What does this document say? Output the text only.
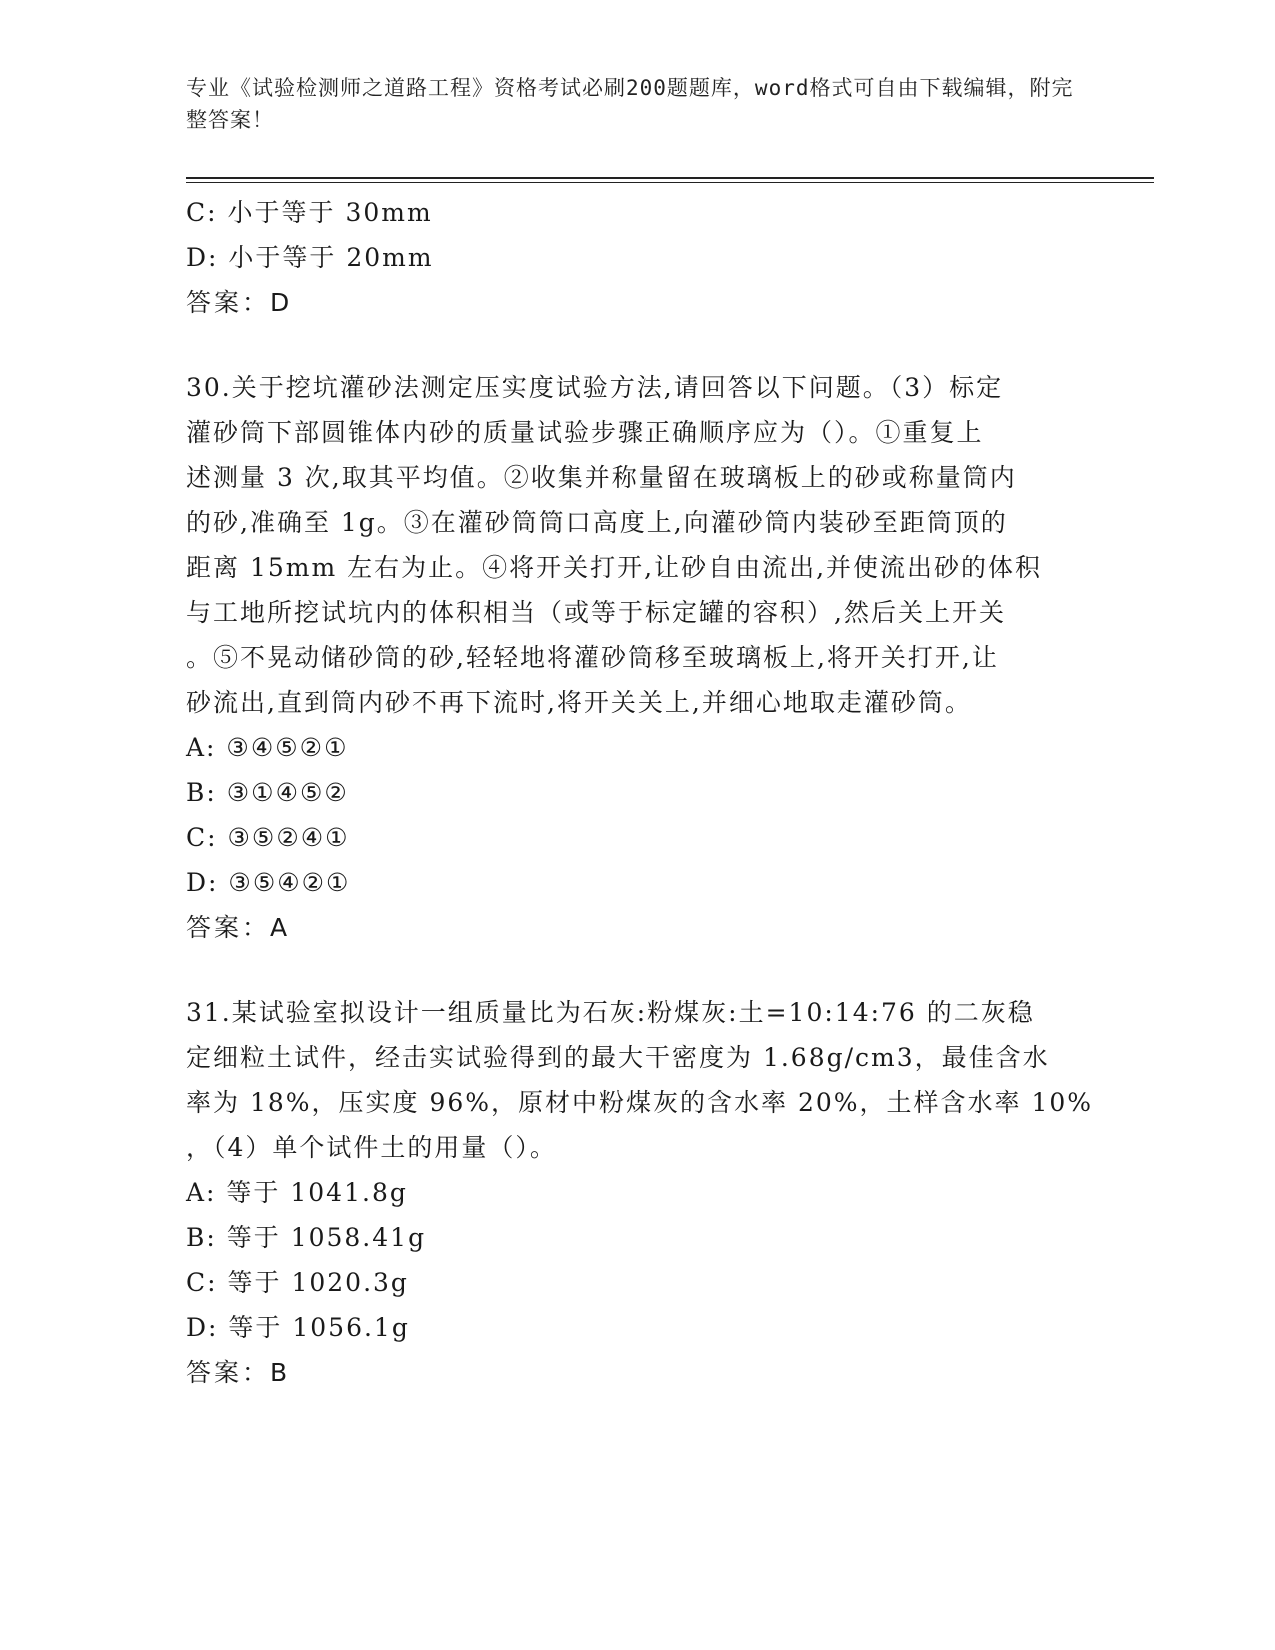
专业《试验检测师之道路工程》资格考试必刷200题题库，word格式可自由下载编辑，附完整答案！
C: 小于等于 30mm
D: 小于等于 20mm
答案：D
30.关于挖坑灌砂法测定压实度试验方法,请回答以下问题。（3）标定
灌砂筒下部圆锥体内砂的质量试验步骤正确顺序应为（）。①重复上
述测量 3 次,取其平均值。②收集并称量留在玻璃板上的砂或称量筒内
的砂,准确至 1g。③在灌砂筒筒口高度上,向灌砂筒内装砂至距筒顶的
距离 15mm 左右为止。④将开关打开,让砂自由流出,并使流出砂的体积
与工地所挖试坑内的体积相当（或等于标定罐的容积）,然后关上开关
。⑤不晃动储砂筒的砂,轻轻地将灌砂筒移至玻璃板上,将开关打开,让
砂流出,直到筒内砂不再下流时,将开关关上,并细心地取走灌砂筒。
A: ③④⑤②①
B: ③①④⑤②
C: ③⑤②④①
D: ③⑤④②①
答案：A
31.某试验室拟设计一组质量比为石灰:粉煤灰:土=10:14:76 的二灰稳
定细粒土试件，经击实试验得到的最大干密度为 1.68g/cm3，最佳含水
率为 18%，压实度 96%，原材中粉煤灰的含水率 20%，土样含水率 10%
，（4）单个试件土的用量（）。
A: 等于 1041.8g
B: 等于 1058.41g
C: 等于 1020.3g
D: 等于 1056.1g
答案：B
